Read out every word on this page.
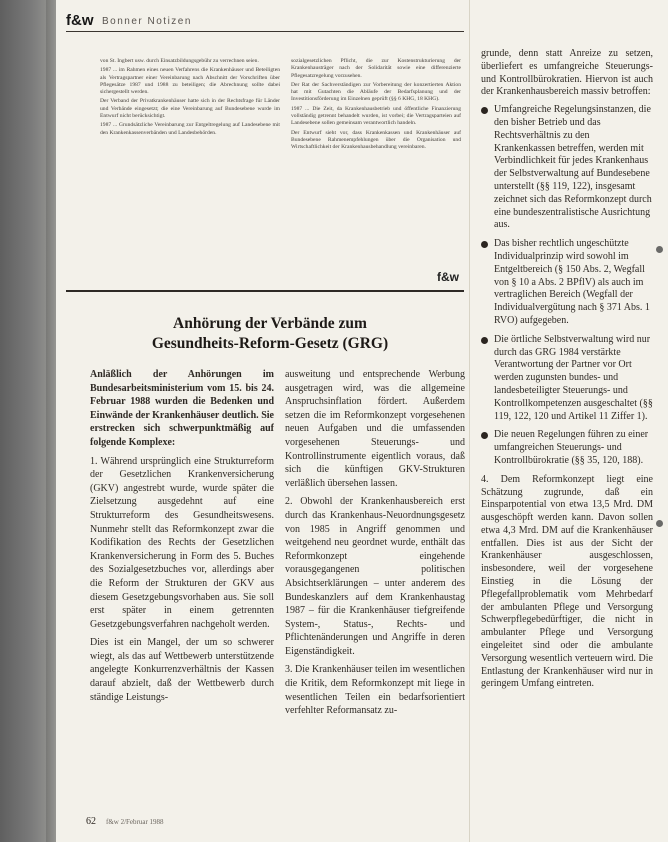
f&w Bonner Notizen

von St. Ingbert usw. durch Einsatzbildungsgebühr zu verrechnen seien.

1987 ... im Rahmen eines neuen Verfahrens die Krankenhäuser und Beteiligten als Vertragspartner einer Vereinbarung nach Abschnitt der Vorschriften über Pflegesätze 1987 und 1988 zu beteiligen; die Abrechnung sollte dabei sichergestellt werden.

Der Verband der Privatkrankenhäuser hatte sich in der Rechtsfrage für Länder und Verbände eingesetzt; die eine Vereinbarung auf Bundesebene wurde im Entwurf nicht berücksichtigt.

1987 ... Grundsätzliche Vereinbarung zur Entgeltregelung auf Landesebene mit den Krankenkassenverbänden und Landesbehörden.

sozialgesetzlichen Pflicht, die zur Kostenstrukturierung der Krankenhausträger nach der Solidarität sowie eine differenzierte Pflegesatzregelung vorzusehen.

Der Rat der Sachverständigen zur Vorbereitung der konzertierten Aktion hat mit Gutachten die Abläufe der Bedarfsplanung und der Investitionsförderung im Einzelnen geprüft (§§ 6 KHG, 18 KHG).

1987 ... Die Zeit, da Krankenhausbetrieb und öffentliche Finanzierung vollständig getrennt behandelt wurden, ist vorbei; die Vertragsparteien auf Landesebene sollen gemeinsam verantwortlich handeln.

Der Entwurf sieht vor, dass Krankenkassen und Krankenhäuser auf Bundesebene Rahmenempfehlungen über die Organisation und Wirtschaftlichkeit der Krankenhausbehandlung vereinbaren.

f&w
Anhörung der Verbände zum
Gesundheits-Reform-Gesetz (GRG)

Anläßlich der Anhörungen im Bundesarbeitsministerium vom 15. bis 24. Februar 1988 wurden die Bedenken und Einwände der Krankenhäuser deutlich. Sie erstrecken sich schwerpunktmäßig auf folgende Komplexe:

1. Während ursprünglich eine Strukturreform der Gesetzlichen Krankenversicherung (GKV) angestrebt wurde, wurde später die Zielsetzung ausgedehnt auf eine Strukturreform des Gesundheitswesens. Nunmehr stellt das Reformkonzept zwar die Kodifikation des Rechts der Gesetzlichen Krankenversicherung in Form des 5. Buches des Sozialgesetzbuches vor, allerdings aber die Reform der Strukturen der GKV aus diesem Gesetzgebungsvorhaben aus. Sie soll erst später in einem getrennten Gesetzgebungsverfahren nachgeholt werden.

Dies ist ein Mangel, der um so schwerer wiegt, als das auf Wettbewerb unterstützende angelegte Konkurrenzverhältnis der Kassen darauf abzielt, daß der Wettbewerb durch ständige Leistungs-

ausweitung und entsprechende Werbung ausgetragen wird, was die allgemeine Anspruchsinflation fördert. Außerdem setzen die im Reformkonzept vorgesehenen neuen Aufgaben und die umfassenden vorgesehenen Steuerungs- und Kontrollinstrumente eigentlich voraus, daß sich die künftigen GKV-Strukturen verläßlich übersehen lassen.

2. Obwohl der Krankenhausbereich erst durch das Krankenhaus-Neuordnungsgesetz von 1985 in Angriff genommen und weitgehend neu geordnet wurde, enthält das Reformkonzept eingehende vorausgegangenen politischen Absichtserklärungen – unter anderem des Bundeskanzlers auf dem Krankenhaustag 1987 – für die Krankenhäuser tiefgreifende System-, Status-, Rechts- und Pflichtenänderungen und Angriffe in deren Eigenständigkeit.

3. Die Krankenhäuser teilen im wesentlichen die Kritik, dem Reformkonzept mit liege in wesentlichen Teilen ein bedarfsorientiert verfehlter Reformansatz zu-

grunde, denn statt Anreize zu setzen, überliefert es umfangreiche Steuerungs- und Kontrollbürokratien. Hiervon ist auch der Krankenhausbereich massiv betroffen:

Umfangreiche Regelungsinstanzen, die den bisher Betrieb und das Rechtsverhältnis zu den Krankenkassen betreffen, werden mit Verbindlichkeit für jedes Krankenhaus der Selbstverwaltung auf Bundesebene unterstellt (§§ 119, 122), insgesamt zeichnet sich das Reformkonzept durch eine bundeszentralistische Ausrichtung aus.
Das bisher rechtlich ungeschützte Individualprinzip wird sowohl im Entgeltbereich (§ 150 Abs. 2, Wegfall von § 10 a Abs. 2 BPflV) als auch im vertraglichen Bereich (Wegfall der Individualvergütung nach § 371 Abs. 1 RVO) aufgegeben.
Die örtliche Selbstverwaltung wird nur durch das GRG 1984 verstärkte Verantwortung der Partner vor Ort werden zugunsten bundes- und landesbeteiligter Steuerungs- und Kontrollkompetenzen ausgeschaltet (§§ 119, 122, 120 und Artikel 11 Ziffer 1).
Die neuen Regelungen führen zu einer umfangreichen Steuerungs- und Kontrollbürokratie (§§ 35, 120, 188).

4. Dem Reformkonzept liegt eine Schätzung zugrunde, daß ein Einsparpotential von etwa 13,5 Mrd. DM ausgeschöpft werden kann. Davon sollen etwa 4,3 Mrd. DM auf die Krankenhäuser entfallen. Dies ist aus der Sicht der Krankenhäuser ausgeschlossen, insbesondere, weil der vorgesehene Einstieg in die Lösung der Pflegefallproblematik vom Mehrbedarf der ambulanten Pflege und Versorgung Schwerpflegebedürftiger, die nicht in ambulanter Pflege und Versorgung eingeleitet sind oder die ambulante Versorgung wesentlich verteuern wird. Die Entlastung der Krankenhäuser wird nur in geringem Umfang eintreten.

62 f&w 2/Februar 1988
